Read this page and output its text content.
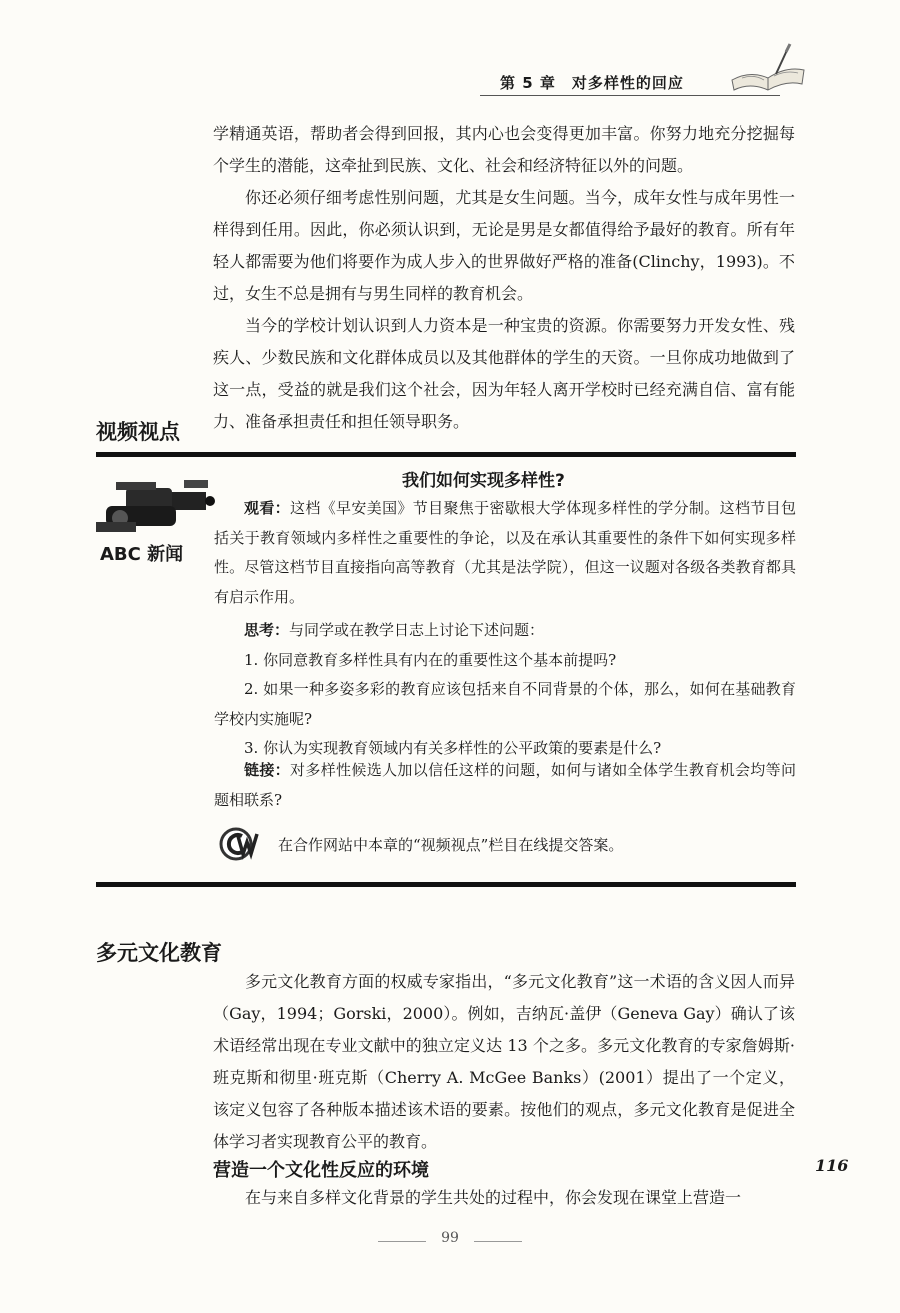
第 5 章　对多样性的回应

学精通英语，帮助者会得到回报，其内心也会变得更加丰富。你努力地充分挖掘每个学生的潜能，这牵扯到民族、文化、社会和经济特征以外的问题。

你还必须仔细考虑性别问题，尤其是女生问题。当今，成年女性与成年男性一样得到任用。因此，你必须认识到，无论是男是女都值得给予最好的教育。所有年轻人都需要为他们将要作为成人步入的世界做好严格的准备(Clinchy，1993)。不过，女生不总是拥有与男生同样的教育机会。

当今的学校计划认识到人力资本是一种宝贵的资源。你需要努力开发女性、残疾人、少数民族和文化群体成员以及其他群体的学生的天资。一旦你成功地做到了这一点，受益的就是我们这个社会，因为年轻人离开学校时已经充满自信、富有能力、准备承担责任和担任领导职务。

视频视点
我们如何实现多样性?
ABC 新闻

观看：这档《早安美国》节目聚焦于密歇根大学体现多样性的学分制。这档节目包括关于教育领域内多样性之重要性的争论，以及在承认其重要性的条件下如何实现多样性。尽管这档节目直接指向高等教育（尤其是法学院），但这一议题对各级各类教育都具有启示作用。

思考：与同学或在教学日志上讨论下述问题：

1. 你同意教育多样性具有内在的重要性这个基本前提吗?

2. 如果一种多姿多彩的教育应该包括来自不同背景的个体，那么，如何在基础教育学校内实施呢?

3. 你认为实现教育领域内有关多样性的公平政策的要素是什么?

链接：对多样性候选人加以信任这样的问题，如何与诸如全体学生教育机会均等问题相联系?

在合作网站中本章的“视频视点”栏目在线提交答案。
多元文化教育

多元文化教育方面的权威专家指出，“多元文化教育”这一术语的含义因人而异（Gay，1994；Gorski，2000）。例如，吉纳瓦·盖伊（Geneva Gay）确认了该术语经常出现在专业文献中的独立定义达 13 个之多。多元文化教育的专家詹姆斯·班克斯和彻里·班克斯（Cherry A. McGee Banks）(2001）提出了一个定义，该定义包容了各种版本描述该术语的要素。按他们的观点，多元文化教育是促进全体学习者实现教育公平的教育。

营造一个文化性反应的环境

在与来自多样文化背景的学生共处的过程中，你会发现在课堂上营造一

116
99
